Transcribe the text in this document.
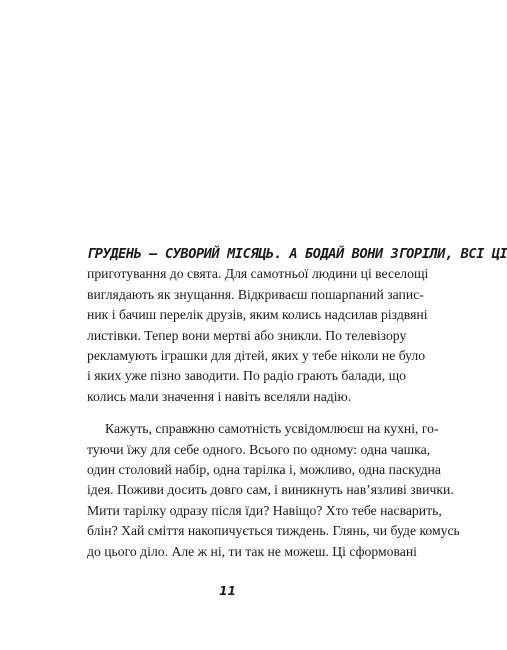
ГРУДЕНЬ – СУВОРИЙ МІСЯЦЬ. А БОДАЙ ВОНИ ЗГОРІЛИ, ВСІ ЦІ
приготування до свята. Для самотньої людини ці веселощі
виглядають як знущання. Відкриваєш пошарпаний запис-
ник і бачиш перелік друзів, яким колись надсилав різдвяні
листівки. Тепер вони мертві або зникли. По телевізору
рекламують іграшки для дітей, яких у тебе ніколи не було
і яких уже пізно заводити. По радіо грають балади, що
колись мали значення і навіть вселяли надію.
Кажуть, справжню самотність усвідомлюєш на кухні, го-
туючи їжу для себе одного. Всього по одному: одна чашка,
один столовий набір, одна тарілка і, можливо, одна паскудна
ідея. Поживи досить довго сам, і виникнуть нав’язливі звички.
Мити тарілку одразу після їди? Навіщо? Хто тебе насварить,
блін? Хай сміття накопичується тиждень. Глянь, чи буде комусь
до цього діло. Але ж ні, ти так не можеш. Ці сформовані
11
